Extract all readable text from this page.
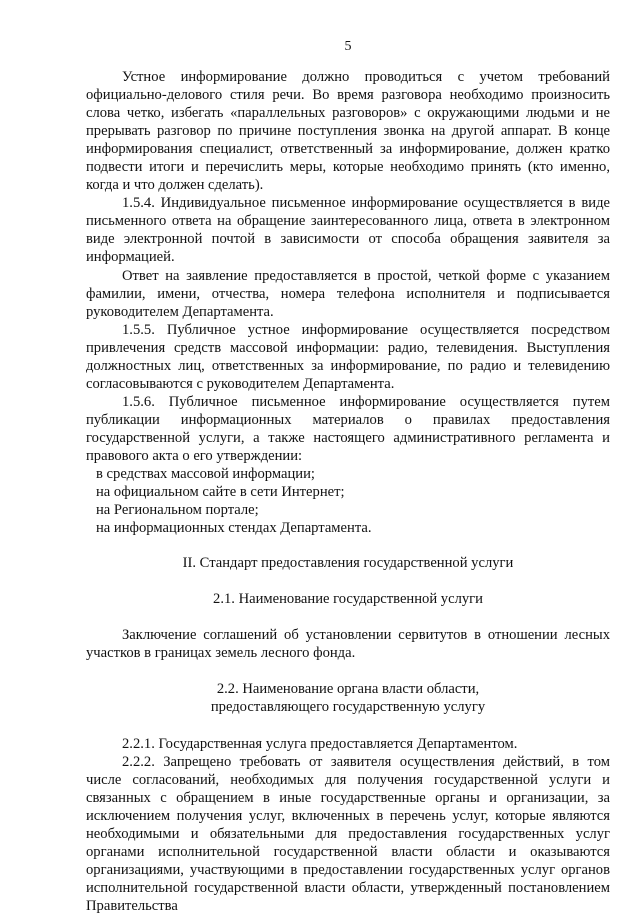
5

Устное информирование должно проводиться с учетом требований официально-делового стиля речи. Во время разговора необходимо произносить слова четко, избегать «параллельных разговоров» с окружающими людьми и не прерывать разговор по причине поступления звонка на другой аппарат. В конце информирования специалист, ответственный за информирование, должен кратко подвести итоги и перечислить меры, которые необходимо принять (кто именно, когда и что должен сделать).

1.5.4. Индивидуальное письменное информирование осуществляется в виде письменного ответа на обращение заинтересованного лица, ответа в электронном виде электронной почтой в зависимости от способа обращения заявителя за информацией.

Ответ на заявление предоставляется в простой, четкой форме с указанием фамилии, имени, отчества, номера телефона исполнителя и подписывается руководителем Департамента.

1.5.5. Публичное устное информирование осуществляется посредством привлечения средств массовой информации: радио, телевидения. Выступления должностных лиц, ответственных за информирование, по радио и телевидению согласовываются с руководителем Департамента.

1.5.6. Публичное письменное информирование осуществляется путем публикации информационных материалов о правилах предоставления государственной услуги, а также настоящего административного регламента и правового акта о его утверждении:

в средствах массовой информации;

на официальном сайте в сети Интернет;

на Региональном портале;

на информационных стендах Департамента.

II. Стандарт предоставления государственной услуги

2.1. Наименование государственной услуги

Заключение соглашений об установлении сервитутов в отношении лесных участков в границах земель лесного фонда.

2.2. Наименование органа власти области,

предоставляющего государственную услугу

2.2.1. Государственная услуга предоставляется Департаментом.

2.2.2. Запрещено требовать от заявителя осуществления действий, в том числе согласований, необходимых для получения государственной услуги и связанных с обращением в иные государственные органы и организации, за исключением получения услуг, включенных в перечень услуг, которые являются необходимыми и обязательными для предоставления государственных услуг органами исполнительной государственной власти области и оказываются организациями, участвующими в предоставлении государственных услуг органов исполнительной государственной власти области, утвержденный постановлением Правительства
